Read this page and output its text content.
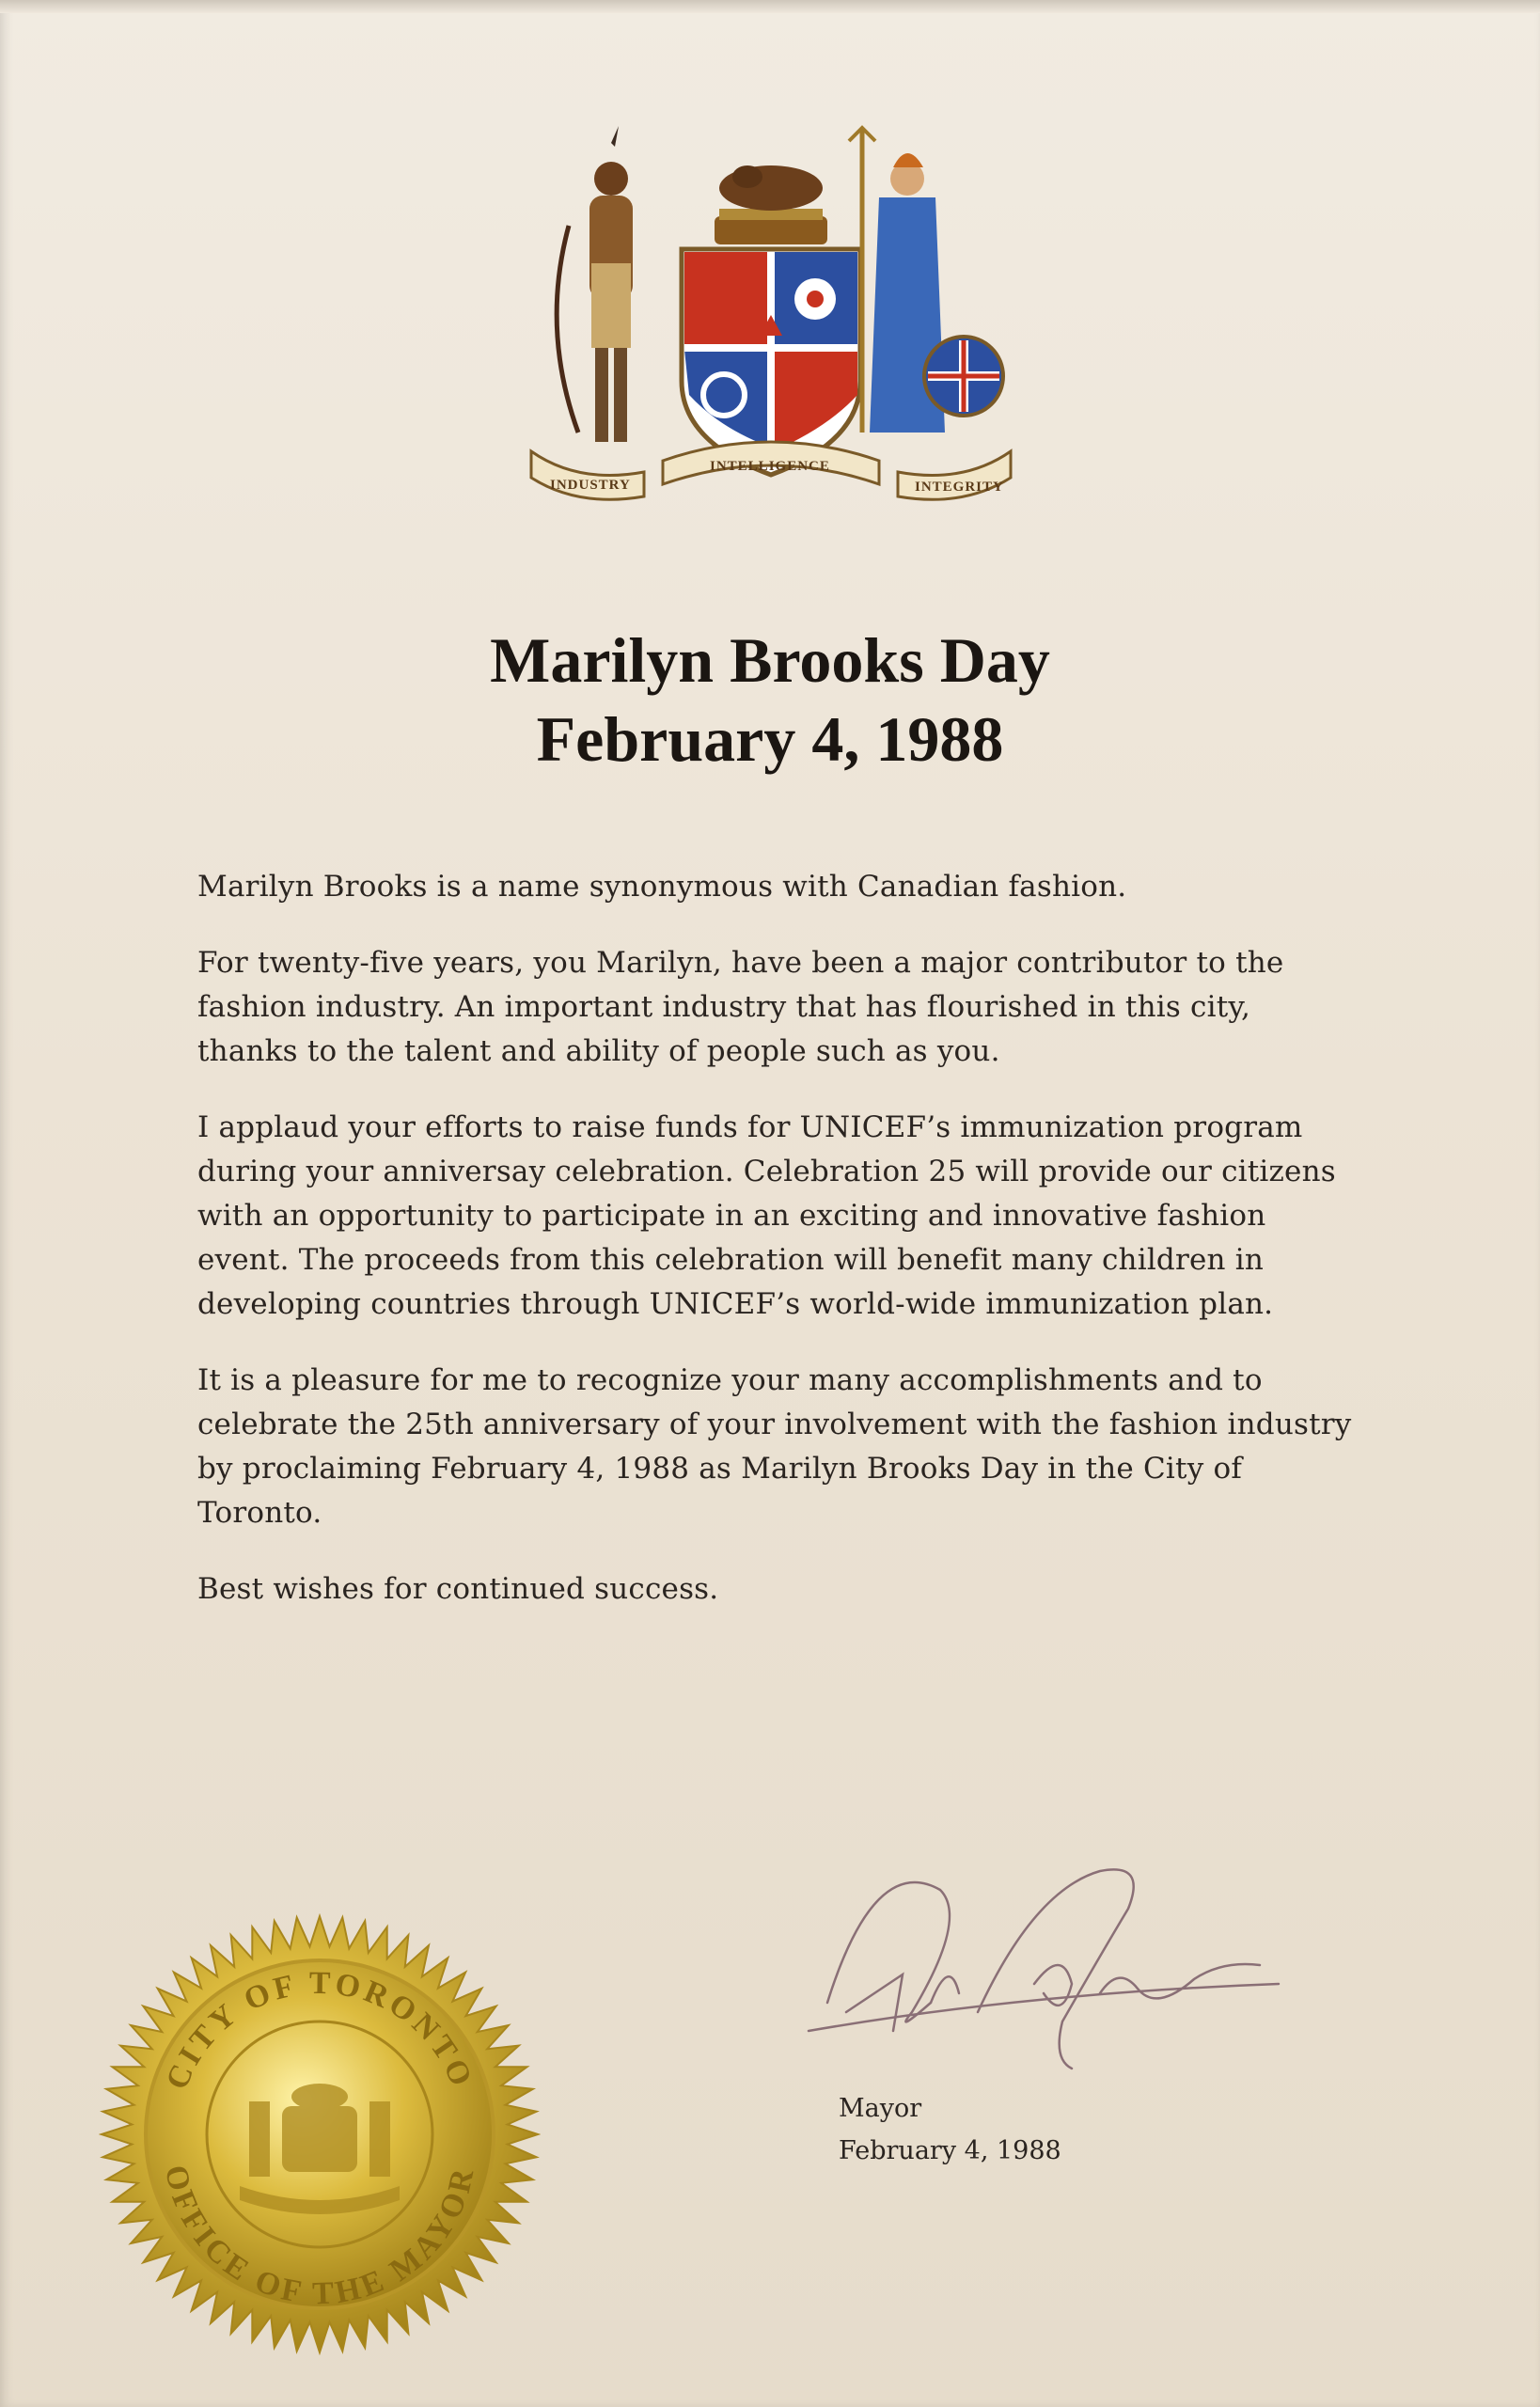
INDUSTRY
INTELLIGENCE
INTEGRITY
Marilyn Brooks Day
February 4, 1988

Marilyn Brooks is a name synonymous with Canadian fashion.

For twenty-five years, you Marilyn, have been a major contributor to the fashion industry. An important industry that has flourished in this city, thanks to the talent and ability of people such as you.

I applaud your efforts to raise funds for UNICEF’s immunization program during your anniversay celebration. Celebration 25 will provide our citizens with an opportunity to participate in an exciting and innovative fashion event. The proceeds from this celebration will benefit many children in developing countries through UNICEF’s world-wide immunization plan.

It is a pleasure for me to recognize your many accomplishments and to celebrate the 25th anniversary of your involvement with the fashion industry by proclaiming February 4, 1988 as Marilyn Brooks Day in the City of Toronto.

Best wishes for continued success.

Mayor
February 4, 1988
CITY OF TORONTO
OFFICE OF THE MAYOR
